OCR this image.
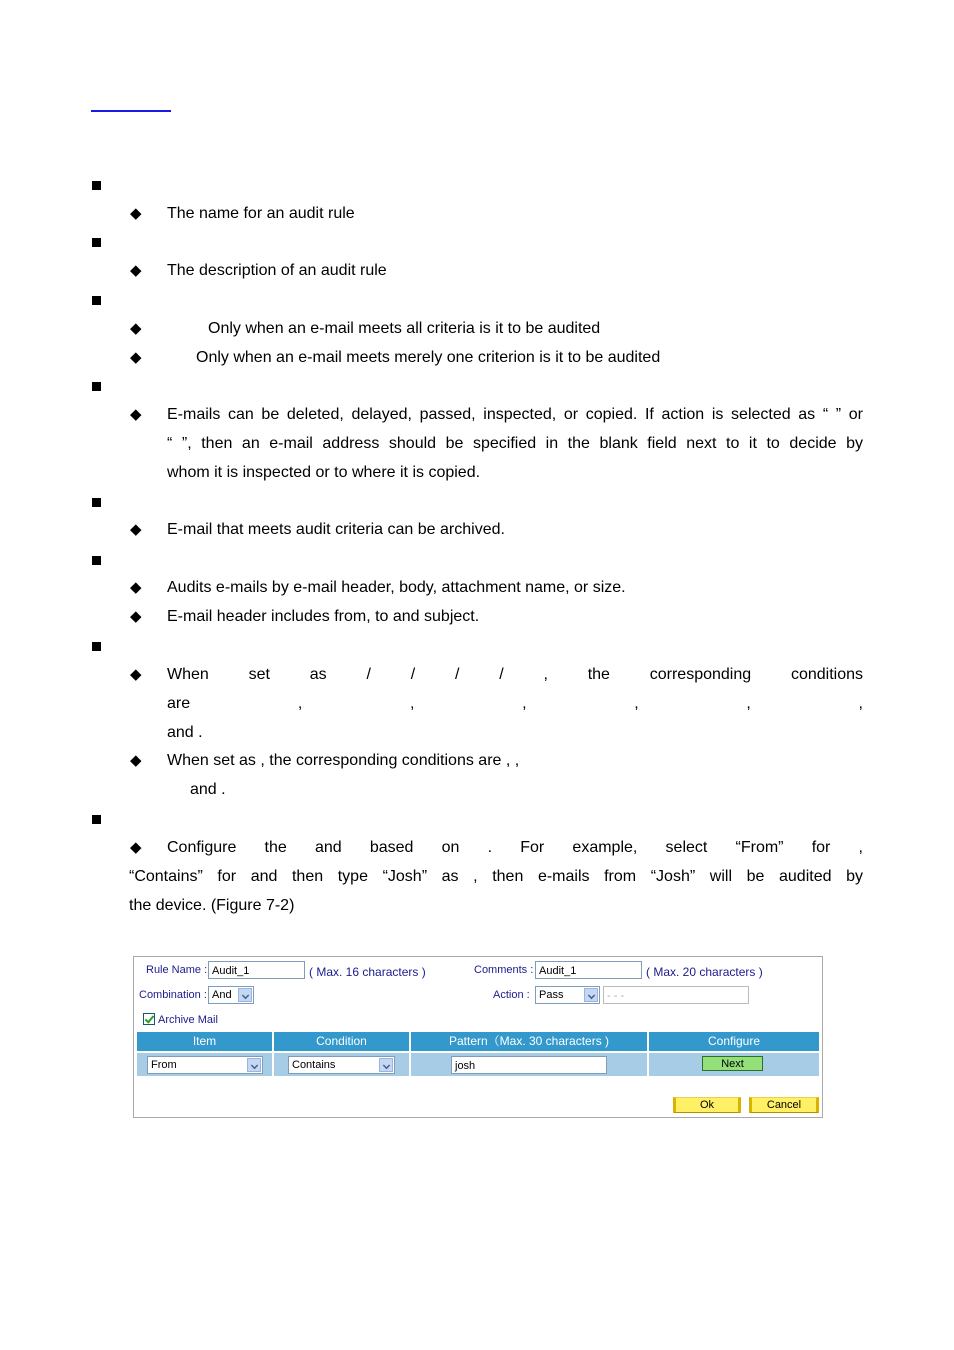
◆ The name for an audit rule
◆ The description of an audit rule
◆	Only when an e-mail meets all criteria is it to be audited
◆	Only when an e-mail meets merely one criterion is it to be audited
◆ E-mails can be deleted, delayed, passed, inspected, or copied. If action is selected as “ ” or
“ ”, then an e-mail address should be specified in the blank field next to it to decide by
whom it is inspected or to where it is copied.
◆ E-mail that meets audit criteria can be archived.
◆ Audits e-mails by e-mail header, body, attachment name, or size.
◆ E-mail header includes from, to and subject.
◆ When set as / / / / , the corresponding conditions
are , , , , , ,
and .
◆ When set as , the corresponding conditions are , ,
and .
◆ Configure the and based on . For example, select “From” for ,
“Contains” for and then type “Josh” as , then e-mails from “Josh” will be audited by
the device. (Figure 7-2)
Rule Name : Audit_1	( Max. 16 characters )	Comments : Audit_1	( Max. 20 characters )
Combination : And	Action : Pass	- - -
Archive Mail
Item	Condition	Pattern（Max. 30 characters )	Configure
From	Contains	josh	Next
Ok	Cancel
